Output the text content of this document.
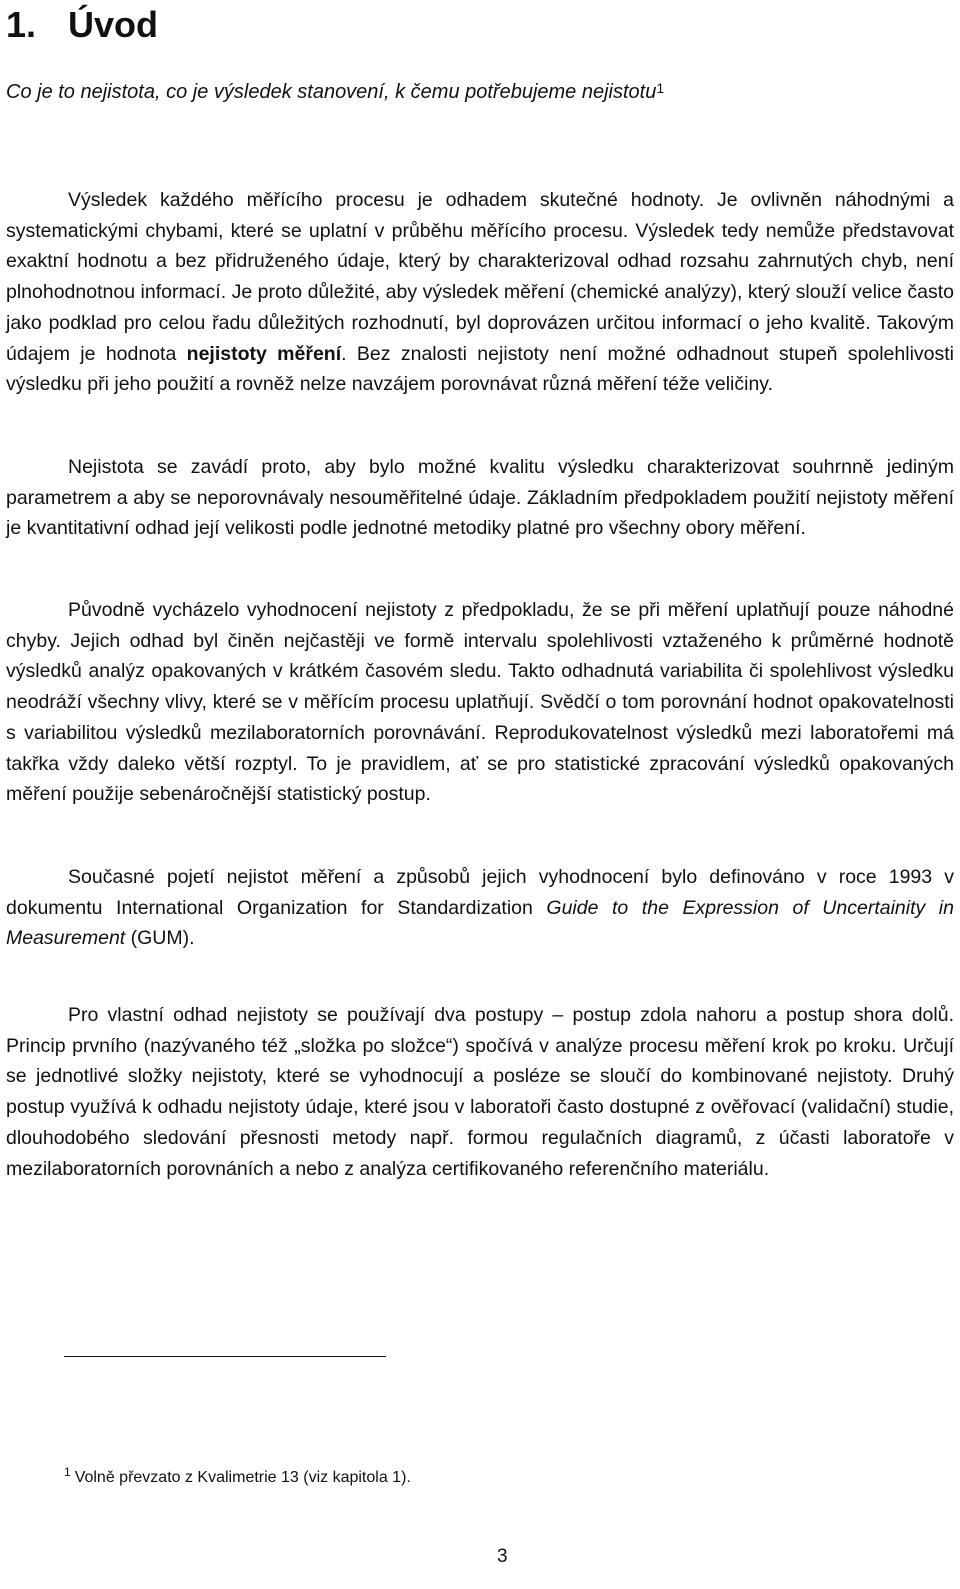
1. Úvod

Co je to nejistota, co je výsledek stanovení, k čemu potřebujeme nejistotu$^1$

Výsledek každého měřícího procesu je odhadem skutečné hodnoty. Je ovlivněn náhodnými a systematickými chybami, které se uplatní v průběhu měřícího procesu. Výsledek tedy nemůže představovat exaktní hodnotu a bez přidruženého údaje, který by charakterizoval odhad rozsahu zahrnutých chyb, není plnohodnotnou informací. Je proto důležité, aby výsledek měření (chemické analýzy), který slouží velice často jako podklad pro celou řadu důležitých rozhodnutí, byl doprovázen určitou informací o jeho kvalitě. Takovým údajem je hodnota nejistoty měření. Bez znalosti nejistoty není možné odhadnout stupeň spolehlivosti výsledku při jeho použití a rovněž nelze navzájem porovnávat různá měření téže veličiny.

Nejistota se zavádí proto, aby bylo možné kvalitu výsledku charakterizovat souhrnně jediným parametrem a aby se neporovnávaly nesouměřitelné údaje. Základním předpokladem použití nejistoty měření je kvantitativní odhad její velikosti podle jednotné metodiky platné pro všechny obory měření.

Původně vycházelo vyhodnocení nejistoty z předpokladu, že se při měření uplatňují pouze náhodné chyby. Jejich odhad byl činěn nejčastěji ve formě intervalu spolehlivosti vztaženého k průměrné hodnotě výsledků analýz opakovaných v krátkém časovém sledu. Takto odhadnutá variabilita či spolehlivost výsledku neodráží všechny vlivy, které se v měřícím procesu uplatňují. Svědčí o tom porovnání hodnot opakovatelnosti s variabilitou výsledků mezilaboratorních porovnávání. Reprodukovatelnost výsledků mezi laboratořemi má takřka vždy daleko větší rozptyl. To je pravidlem, ať se pro statistické zpracování výsledků opakovaných měření použije sebenáročnější statistický postup.

Současné pojetí nejistot měření a způsobů jejich vyhodnocení bylo definováno v roce 1993 v dokumentu International Organization for Standardization Guide to the Expression of Uncertainity in Measurement (GUM).

Pro vlastní odhad nejistoty se používají dva postupy – postup zdola nahoru a postup shora dolů. Princip prvního (nazývaného též „složka po složce“) spočívá v analýze procesu měření krok po kroku. Určují se jednotlivé složky nejistoty, které se vyhodnocují a posléze se sloučí do kombinované nejistoty. Druhý postup využívá k odhadu nejistoty údaje, které jsou v laboratoři často dostupné z ověřovací (validační) studie, dlouhodobého sledování přesnosti metody např. formou regulačních diagramů, z účasti laboratoře v mezilaboratorních porovnáních a nebo z analýza certifikovaného referenčního materiálu.

$^1$ Volně převzato z Kvalimetrie 13 (viz kapitola 1).

3
